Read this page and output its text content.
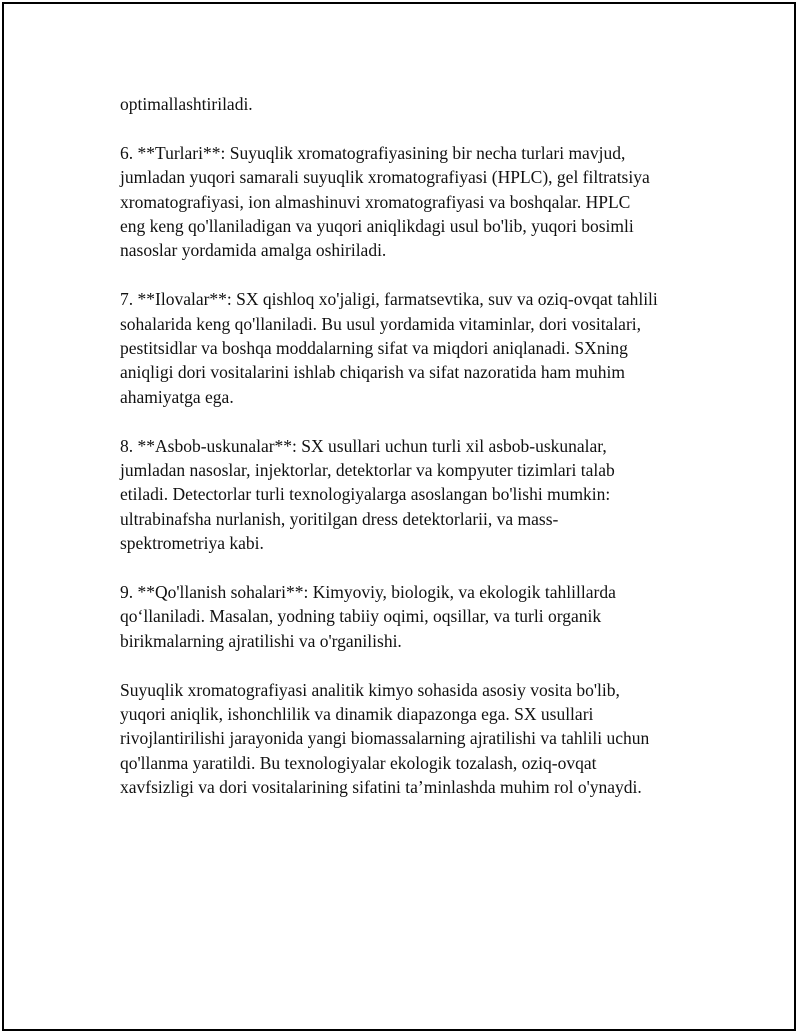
optimallashtiriladi.

6. **Turlari**: Suyuqlik xromatografiyasining bir necha turlari mavjud,
jumladan yuqori samarali suyuqlik xromatografiyasi (HPLC), gel filtratsiya
xromatografiyasi, ion almashinuvi xromatografiyasi va boshqalar. HPLC
eng keng qo'llaniladigan va yuqori aniqlikdagi usul bo'lib, yuqori bosimli
nasoslar yordamida amalga oshiriladi.

7. **Ilovalar**: SX qishloq xo'jaligi, farmatsevtika, suv va oziq-ovqat tahlili
sohalarida keng qo'llaniladi. Bu usul yordamida vitaminlar, dori vositalari,
pestitsidlar va boshqa moddalarning sifat va miqdori aniqlanadi. SXning
aniqligi dori vositalarini ishlab chiqarish va sifat nazoratida ham muhim
ahamiyatga ega.

8. **Asbob-uskunalar**: SX usullari uchun turli xil asbob-uskunalar,
jumladan nasoslar, injektorlar, detektorlar va kompyuter tizimlari talab
etiladi. Detectorlar turli texnologiyalarga asoslangan bo'lishi mumkin:
ultrabinafsha nurlanish, yoritilgan dress detektorlarii, va mass-
spektrometriya kabi.

9. **Qo'llanish sohalari**: Kimyoviy, biologik, va ekologik tahlillarda
qo‘llaniladi. Masalan, yodning tabiiy oqimi, oqsillar, va turli organik
birikmalarning ajratilishi va o'rganilishi.

Suyuqlik xromatografiyasi analitik kimyo sohasida asosiy vosita bo'lib,
yuqori aniqlik, ishonchlilik va dinamik diapazonga ega. SX usullari
rivojlantirilishi jarayonida yangi biomassalarning ajratilishi va tahlili uchun
qo'llanma yaratildi. Bu texnologiyalar ekologik tozalash, oziq-ovqat
xavfsizligi va dori vositalarining sifatini ta’minlashda muhim rol o'ynaydi.
